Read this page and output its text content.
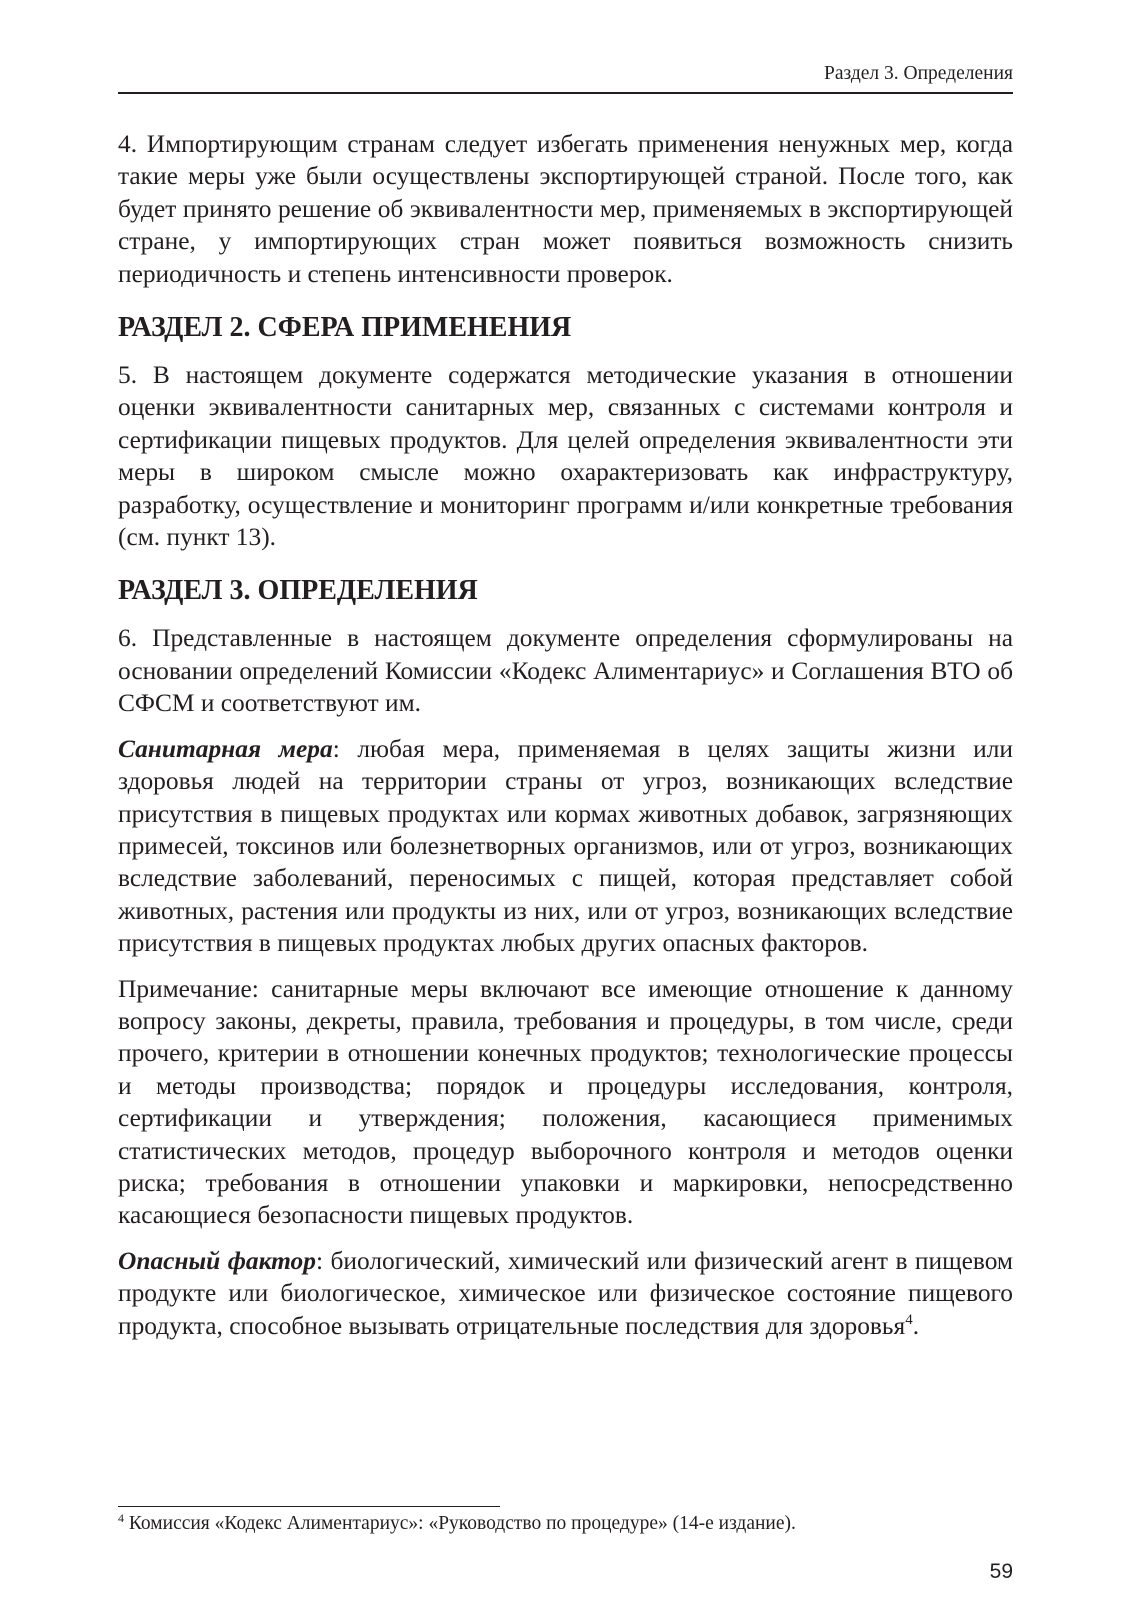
Раздел 3. Определения

4. Импортирующим странам следует избегать применения ненужных мер, когда такие меры уже были осуществлены экспортирующей страной. После того, как будет принято решение об эквивалентности мер, применяемых в экспортирующей стране, у импортирующих стран может появиться возможность снизить периодичность и степень интенсивности проверок.

РАЗДЕЛ 2. СФЕРА ПРИМЕНЕНИЯ

5. В настоящем документе содержатся методические указания в отношении оценки эквивалентности санитарных мер, связанных с системами контроля и сертификации пищевых продуктов. Для целей определения эквивалентности эти меры в широком смысле можно охарактеризовать как инфраструктуру, разработку, осуществление и мониторинг программ и/или конкретные требования (см. пункт 13).

РАЗДЕЛ 3. ОПРЕДЕЛЕНИЯ

6. Представленные в настоящем документе определения сформулированы на основании определений Комиссии «Кодекс Алиментариус» и Соглашения ВТО об СФСМ и соответствуют им.

Санитарная мера: любая мера, применяемая в целях защиты жизни или здоровья людей на территории страны от угроз, возникающих вследствие присутствия в пищевых продуктах или кормах животных добавок, загрязняющих примесей, токсинов или болезнетворных организмов, или от угроз, возникающих вследствие заболеваний, переносимых с пищей, которая представляет собой животных, растения или продукты из них, или от угроз, возникающих вследствие присутствия в пищевых продуктах любых других опасных факторов.

Примечание: санитарные меры включают все имеющие отношение к данному вопросу законы, декреты, правила, требования и процедуры, в том числе, среди прочего, критерии в отношении конечных продуктов; технологические процессы и методы производства; порядок и процедуры исследования, контроля, сертификации и утверждения; положения, касающиеся применимых статистических методов, процедур выборочного контроля и методов оценки риска; требования в отношении упаковки и маркировки, непосредственно касающиеся безопасности пищевых продуктов.

Опасный фактор: биологический, химический или физический агент в пищевом продукте или биологическое, химическое или физическое состояние пищевого продукта, способное вызывать отрицательные последствия для здоровья$^4$.

$^4$ Комиссия «Кодекс Алиментариус»: «Руководство по процедуре» (14-е издание).
59
